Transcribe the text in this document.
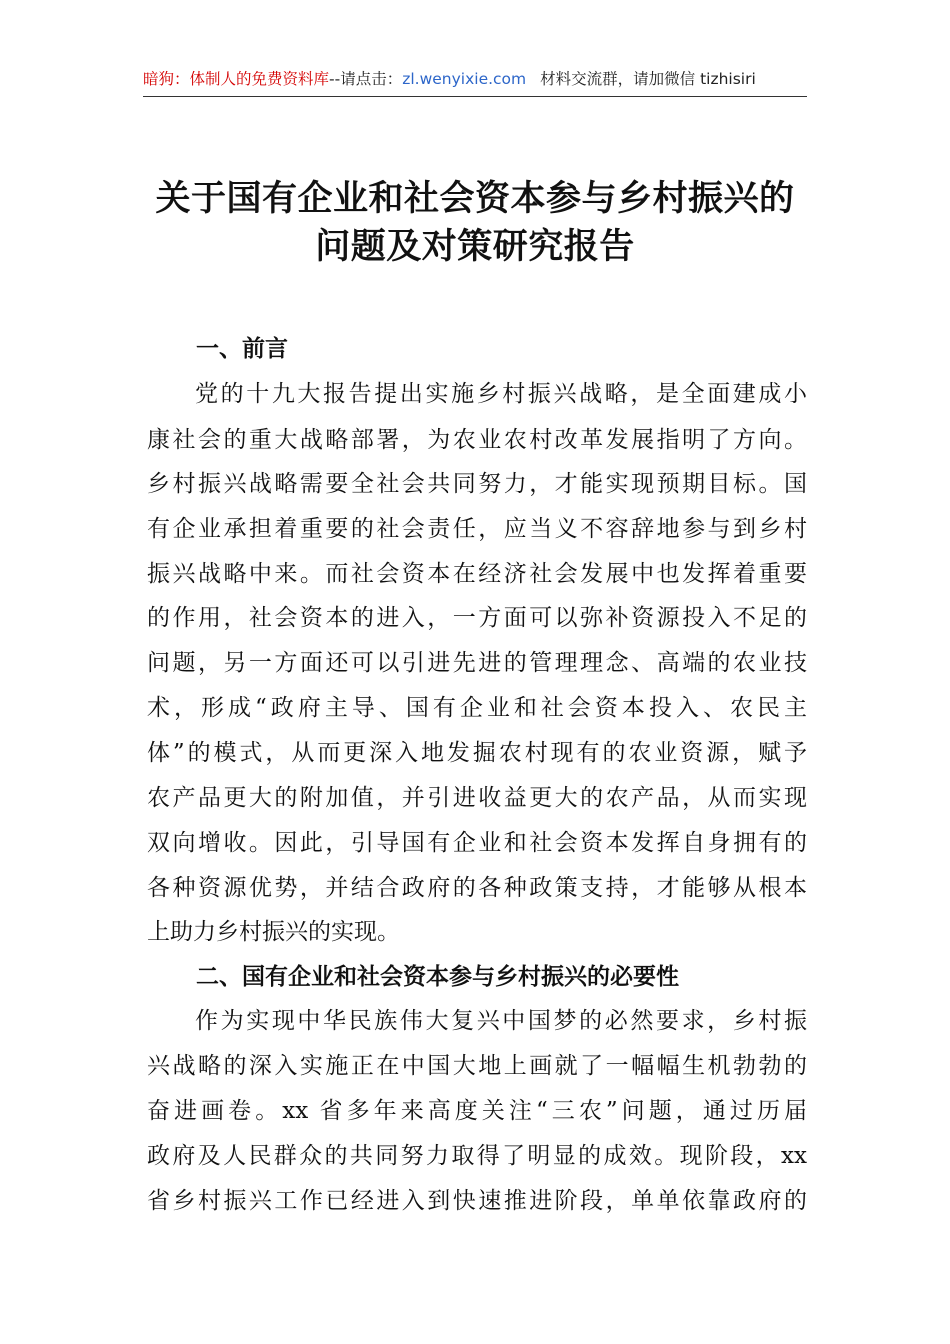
暗狗：体制人的免费资料库--请点击：zl.wenyixie.com 材料交流群，请加微信 tizhisiri
关于国有企业和社会资本参与乡村振兴的
问题及对策研究报告
一、前言
党的十九大报告提出实施乡村振兴战略，是全面建成小
康社会的重大战略部署，为农业农村改革发展指明了方向。
乡村振兴战略需要全社会共同努力，才能实现预期目标。国
有企业承担着重要的社会责任，应当义不容辞地参与到乡村
振兴战略中来。而社会资本在经济社会发展中也发挥着重要
的作用，社会资本的进入，一方面可以弥补资源投入不足的
问题，另一方面还可以引进先进的管理理念、高端的农业技
术，形成“政府主导、国有企业和社会资本投入、农民主
体”的模式，从而更深入地发掘农村现有的农业资源，赋予
农产品更大的附加值，并引进收益更大的农产品，从而实现
双向增收。因此，引导国有企业和社会资本发挥自身拥有的
各种资源优势，并结合政府的各种政策支持，才能够从根本
上助力乡村振兴的实现。
二、国有企业和社会资本参与乡村振兴的必要性
作为实现中华民族伟大复兴中国梦的必然要求，乡村振
兴战略的深入实施正在中国大地上画就了一幅幅生机勃勃的
奋进画卷。xx 省多年来高度关注“三农”问题，通过历届
政府及人民群众的共同努力取得了明显的成效。现阶段，xx
省乡村振兴工作已经进入到快速推进阶段，单单依靠政府的
